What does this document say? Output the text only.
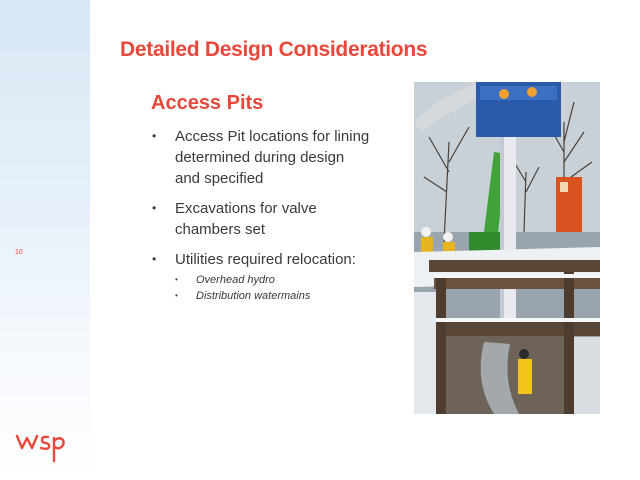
10
Detailed Design Considerations
Access Pits
• Access Pit locations for lining determined during design and specified
• Excavations for valve chambers set
• Utilities required relocation:
• Overhead hydro
• Distribution watermains
